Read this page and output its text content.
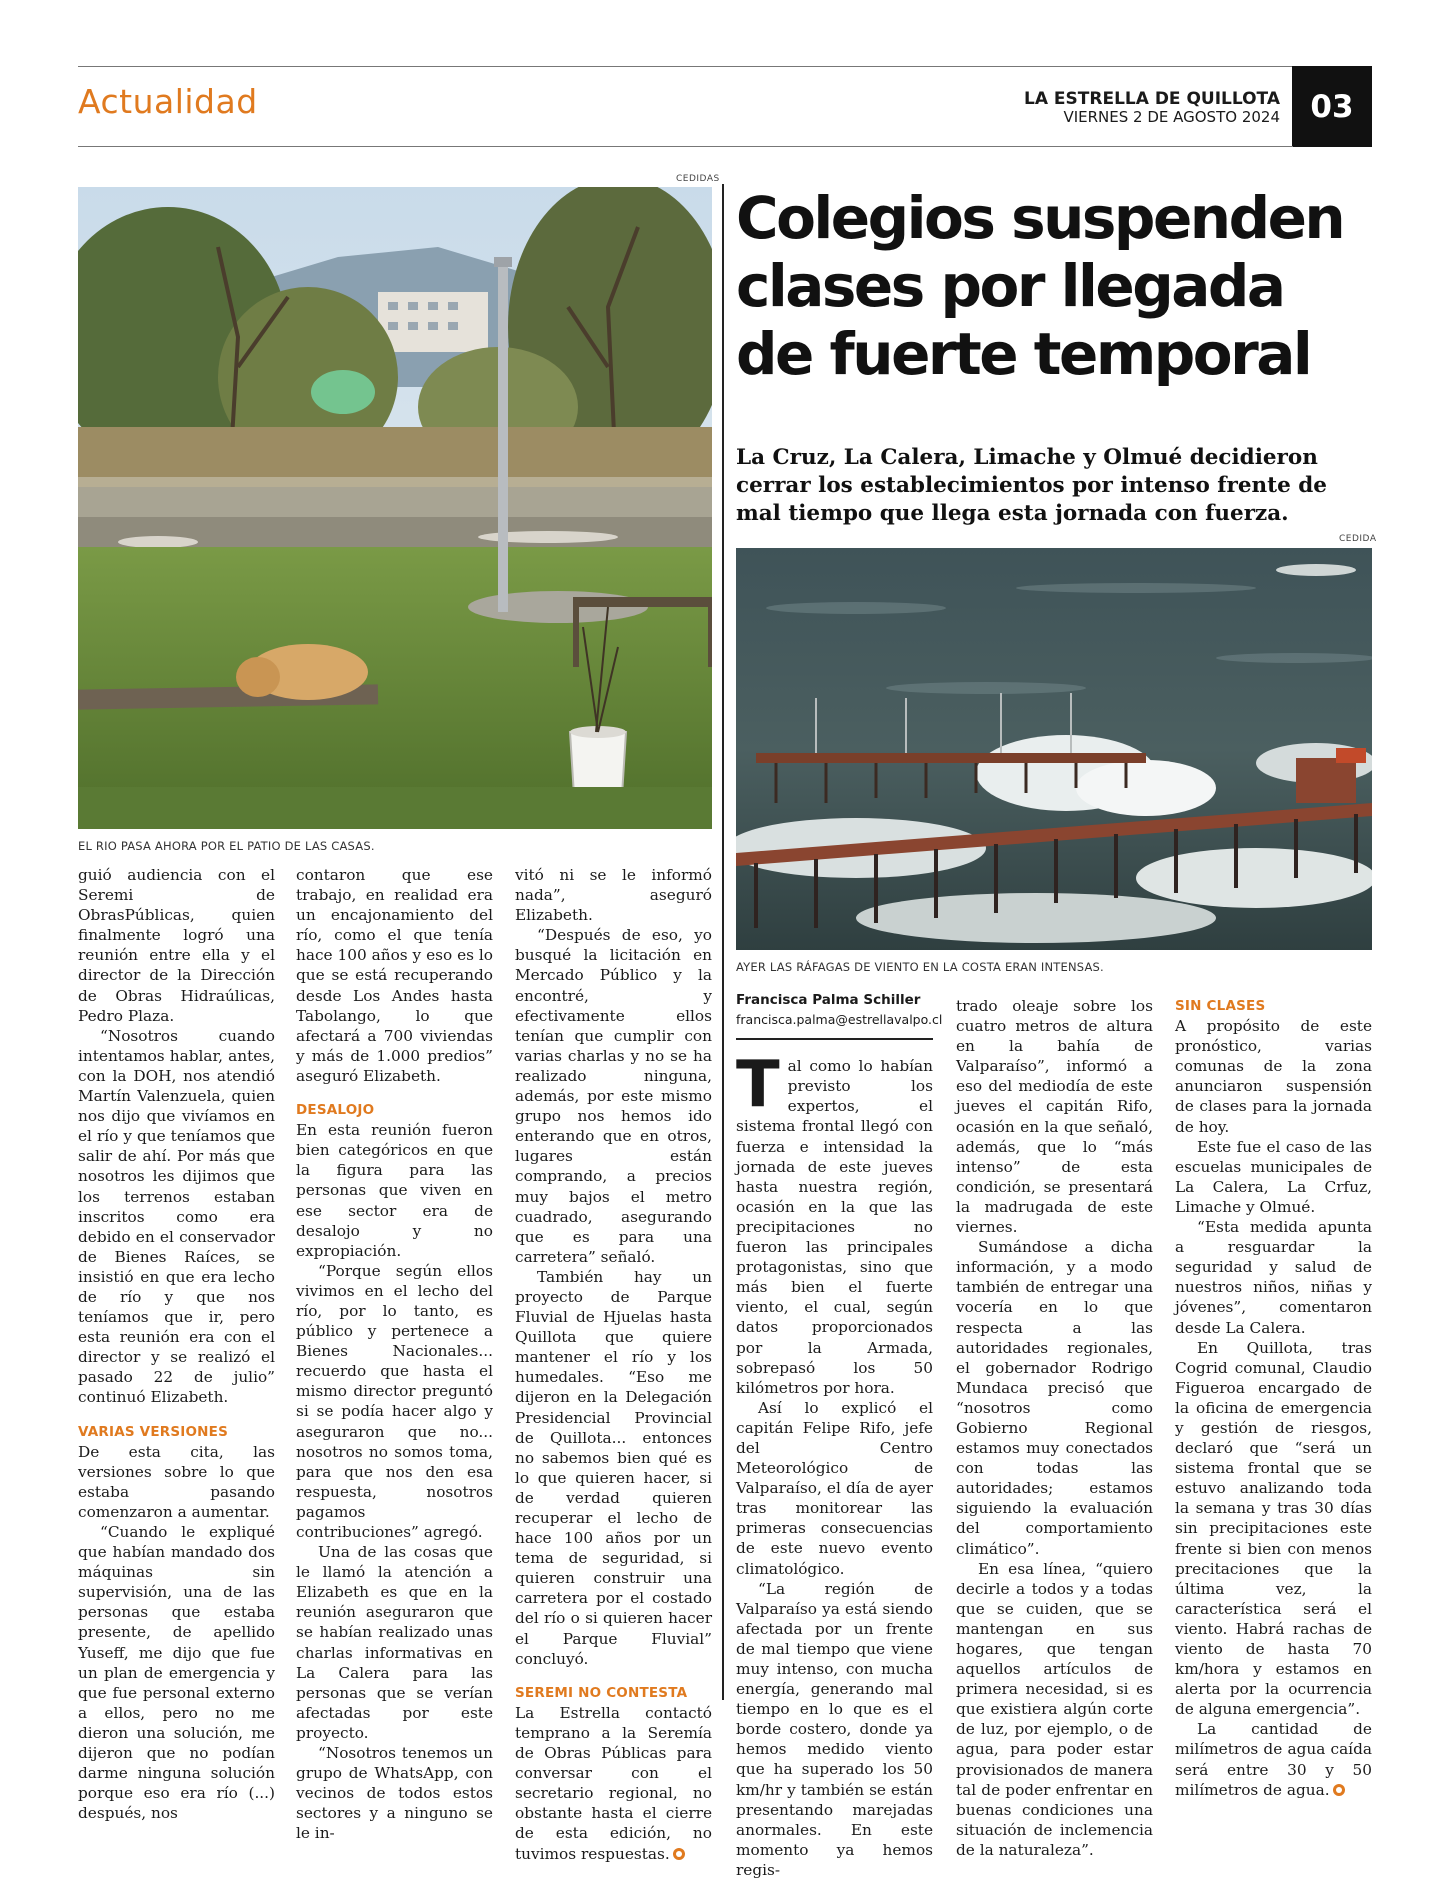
Actualidad	LA ESTRELLA DE QUILLOTA
VIERNES 2 DE AGOSTO 2024 03
CEDIDAS
EL RIO PASA AHORA POR EL PATIO DE LAS CASAS.

guió audiencia con el Seremi de ObrasPúblicas, quien finalmente logró una reunión entre ella y el director de la Dirección de Obras Hidraúlicas, Pedro Plaza.

“Nosotros cuando intentamos hablar, antes, con la DOH, nos atendió Martín Valenzuela, quien nos dijo que vivíamos en el río y que teníamos que salir de ahí. Por más que nosotros les dijimos que los terrenos estaban inscritos como era debido en el conservador de Bienes Raíces, se insistió en que era lecho de río y que nos teníamos que ir, pero esta reunión era con el director y se realizó el pasado 22 de julio” continuó Elizabeth.

VARIAS VERSIONES

De esta cita, las versiones sobre lo que estaba pasando comenzaron a aumentar.

“Cuando le expliqué que habían mandado dos máquinas sin supervisión, una de las personas que estaba presente, de apellido Yuseff, me dijo que fue un plan de emergencia y que fue personal externo a ellos, pero no me dieron una solución, me dijeron que no podían darme ninguna solución porque eso era río (...) después, nos

contaron que ese trabajo, en realidad era un encajonamiento del río, como el que tenía hace 100 años y eso es lo que se está recuperando desde Los Andes hasta Tabolango, lo que afectará a 700 viviendas y más de 1.000 predios” aseguró Elizabeth.

DESALOJO

En esta reunión fueron bien categóricos en que la figura para las personas que viven en ese sector era de desalojo y no expropiación.

“Porque según ellos vivimos en el lecho del río, por lo tanto, es público y pertenece a Bienes Nacionales... recuerdo que hasta el mismo director preguntó si se podía hacer algo y aseguraron que no... nosotros no somos toma, para que nos den esa respuesta, nosotros pagamos contribuciones” agregó.

Una de las cosas que le llamó la atención a Elizabeth es que en la reunión aseguraron que se habían realizado unas charlas informativas en La Calera para las personas que se verían afectadas por este proyecto.

“Nosotros tenemos un grupo de WhatsApp, con vecinos de todos estos sectores y a ninguno se le in-

vitó ni se le informó nada”, aseguró Elizabeth.

“Después de eso, yo busqué la licitación en Mercado Público y la encontré, y efectivamente ellos tenían que cumplir con varias charlas y no se ha realizado ninguna, además, por este mismo grupo nos hemos ido enterando que en otros, lugares están comprando, a precios muy bajos el metro cuadrado, asegurando que es para una carretera” señaló.

También hay un proyecto de Parque Fluvial de Hjuelas hasta Quillota que quiere mantener el río y los humedales. “Eso me dijeron en la Delegación Presidencial Provincial de Quillota... entonces no sabemos bien qué es lo que quieren hacer, si de verdad quieren recuperar el lecho de hace 100 años por un tema de seguridad, si quieren construir una carretera por el costado del río o si quieren hacer el Parque Fluvial” concluyó.

SEREMI NO CONTESTA

La Estrella contactó temprano a la Seremía de Obras Públicas para conversar con el secretario regional, no obstante hasta el cierre de esta edición, no tuvimos respuestas.

Colegios suspenden clases por llegada de fuerte temporal
La Cruz, La Calera, Limache y Olmué decidieron cerrar los establecimientos por intenso frente de mal tiempo que llega esta jornada con fuerza.
CEDIDA
AYER LAS RÁFAGAS DE VIENTO EN LA COSTA ERAN INTENSAS.
Francisca Palma Schiller
francisca.palma@estrellavalpo.cl

Tal como lo habían previsto los expertos, el sistema frontal llegó con fuerza e intensidad la jornada de este jueves hasta nuestra región, ocasión en la que las precipitaciones no fueron las principales protagonistas, sino que más bien el fuerte viento, el cual, según datos proporcionados por la Armada, sobrepasó los 50 kilómetros por hora.

Así lo explicó el capitán Felipe Rifo, jefe del Centro Meteorológico de Valparaíso, el día de ayer tras monitorear las primeras consecuencias de este nuevo evento climatológico.

“La región de Valparaíso ya está siendo afectada por un frente de mal tiempo que viene muy intenso, con mucha energía, generando mal tiempo en lo que es el borde costero, donde ya hemos medido viento que ha superado los 50 km/hr y también se están presentando marejadas anormales. En este momento ya hemos regis-

trado oleaje sobre los cuatro metros de altura en la bahía de Valparaíso”, informó a eso del mediodía de este jueves el capitán Rifo, ocasión en la que señaló, además, que lo “más intenso” de esta condición, se presentará la madrugada de este viernes.

Sumándose a dicha información, y a modo también de entregar una vocería en lo que respecta a las autoridades regionales, el gobernador Rodrigo Mundaca precisó que “nosotros como Gobierno Regional estamos muy conectados con todas las autoridades; estamos siguiendo la evaluación del comportamiento climático”.

En esa línea, “quiero decirle a todos y a todas que se cuiden, que se mantengan en sus hogares, que tengan aquellos artículos de primera necesidad, si es que existiera algún corte de luz, por ejemplo, o de agua, para poder estar provisionados de manera tal de poder enfrentar en buenas condiciones una situación de inclemencia de la naturaleza”.

SIN CLASES

A propósito de este pronóstico, varias comunas de la zona anunciaron suspensión de clases para la jornada de hoy.

Este fue el caso de las escuelas municipales de La Calera, La Crfuz, Limache y Olmué.

“Esta medida apunta a resguardar la seguridad y salud de nuestros niños, niñas y jóvenes”, comentaron desde La Calera.

En Quillota, tras Cogrid comunal, Claudio Figueroa encargado de la oficina de emergencia y gestión de riesgos, declaró que “será un sistema frontal que se estuvo analizando toda la semana y tras 30 días sin precipitaciones este frente si bien con menos precitaciones que la última vez, la característica será el viento. Habrá rachas de viento de hasta 70 km/hora y estamos en alerta por la ocurrencia de alguna emergencia”.

La cantidad de milímetros de agua caída será entre 30 y 50 milímetros de agua.
